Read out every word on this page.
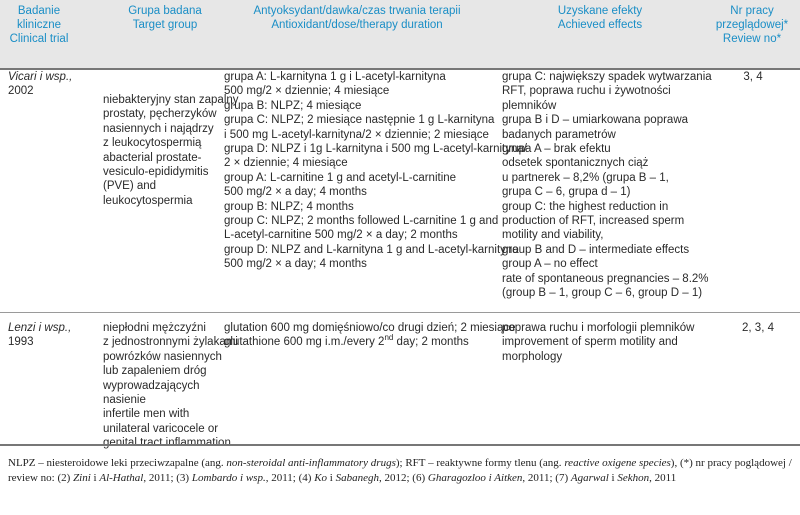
Badanie
kliniczne
Clinical trial
Grupa badana
Target group
Antyoksydant/dawka/czas trwania terapii
Antioxidant/dose/therapy duration
Uzyskane efekty
Achieved effects
Nr pracy
przeglądowej*
Review no*
Vicari i wsp.,
2002
niebakteryjny stan zapalny
prostaty, pęcherzyków
nasiennych i najądrzy
z leukocytospermią
abacterial prostate-
vesiculo-epididymitis
(PVE) and
leukocytospermia
grupa A: L-karnityna 1 g i L-acetyl-karnityna
500 mg/2 × dziennie; 4 miesiące
grupa B: NLPZ; 4 miesiące
grupa C: NLPZ; 2 miesiące następnie 1 g L-karnityna
i 500 mg L-acetyl-karnityna/2 × dziennie; 2 miesiące
grupa D: NLPZ i 1g L-karnityna i 500 mg L-acetyl-karnityna/
2 × dziennie; 4 miesiące
group A: L-carnitine 1 g and acetyl-L-carnitine
500 mg/2 × a day; 4 months
group B: NLPZ; 4 months
group C: NLPZ; 2 months followed L-carnitine 1 g and
L-acetyl-carnitine 500 mg/2 × a day; 2 months
group D: NLPZ and L-karnityna 1 g and L-acetyl-karnityna
500 mg/2 × a day; 4 months
grupa C: największy spadek wytwarzania
RFT, poprawa ruchu i żywotności
plemników
grupa B i D – umiarkowana poprawa
badanych parametrów
grupa A – brak efektu
odsetek spontanicznych ciąż
u partnerek – 8,2% (grupa B – 1,
grupa C – 6, grupa d – 1)
group C: the highest reduction in
production of RFT, increased sperm
motility and viability,
group B and D – intermediate effects
group A – no effect
rate of spontaneous pregnancies – 8.2%
(group B – 1, group C – 6, group D – 1)
3, 4
Lenzi i wsp.,
1993
niepłodni mężczyźni
z jednostronnymi żylakami
powrózków nasiennych
lub zapaleniem dróg
wyprowadzających
nasienie
infertile men with
unilateral varicocele or
glutation 600 mg domięśniowo/co drugi dzień; 2 miesiące
glutathione 600 mg i.m./every 2nd day; 2 months
poprawa ruchu i morfologii plemników
improvement of sperm motility and
morphology
2, 3, 4
NLPZ – niesteroidowe leki przeciwzapalne (ang. non-steroidal anti-inflammatory drugs); RFT – reaktywne formy tlenu (ang. reactive oxigene species), (*) nr pracy poglądowej /
review no: (2) Zini i Al-Hathal, 2011; (3) Lombardo i wsp., 2011; (4) Ko i Sabanegh, 2012; (6) Gharagozloo i Aitken, 2011; (7) Agarwal i Sekhon, 2011
